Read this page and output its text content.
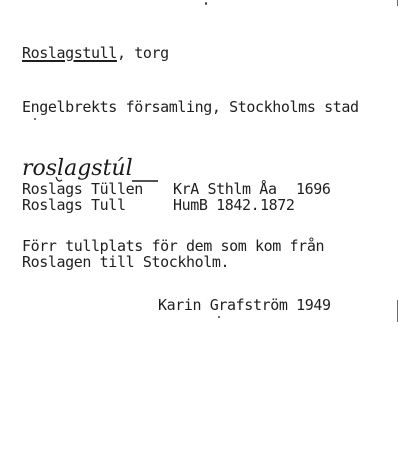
Roslagstull, torg
Engelbrekts församling, Stockholms stad
roslagstúl
Roslags Tüllen KrA Sthlm Åa 1696
Roslags Tull	HumB 1842. 1872
Förr tullplats för dem som kom från
Roslagen till Stockholm.
Karin Grafström 1949
